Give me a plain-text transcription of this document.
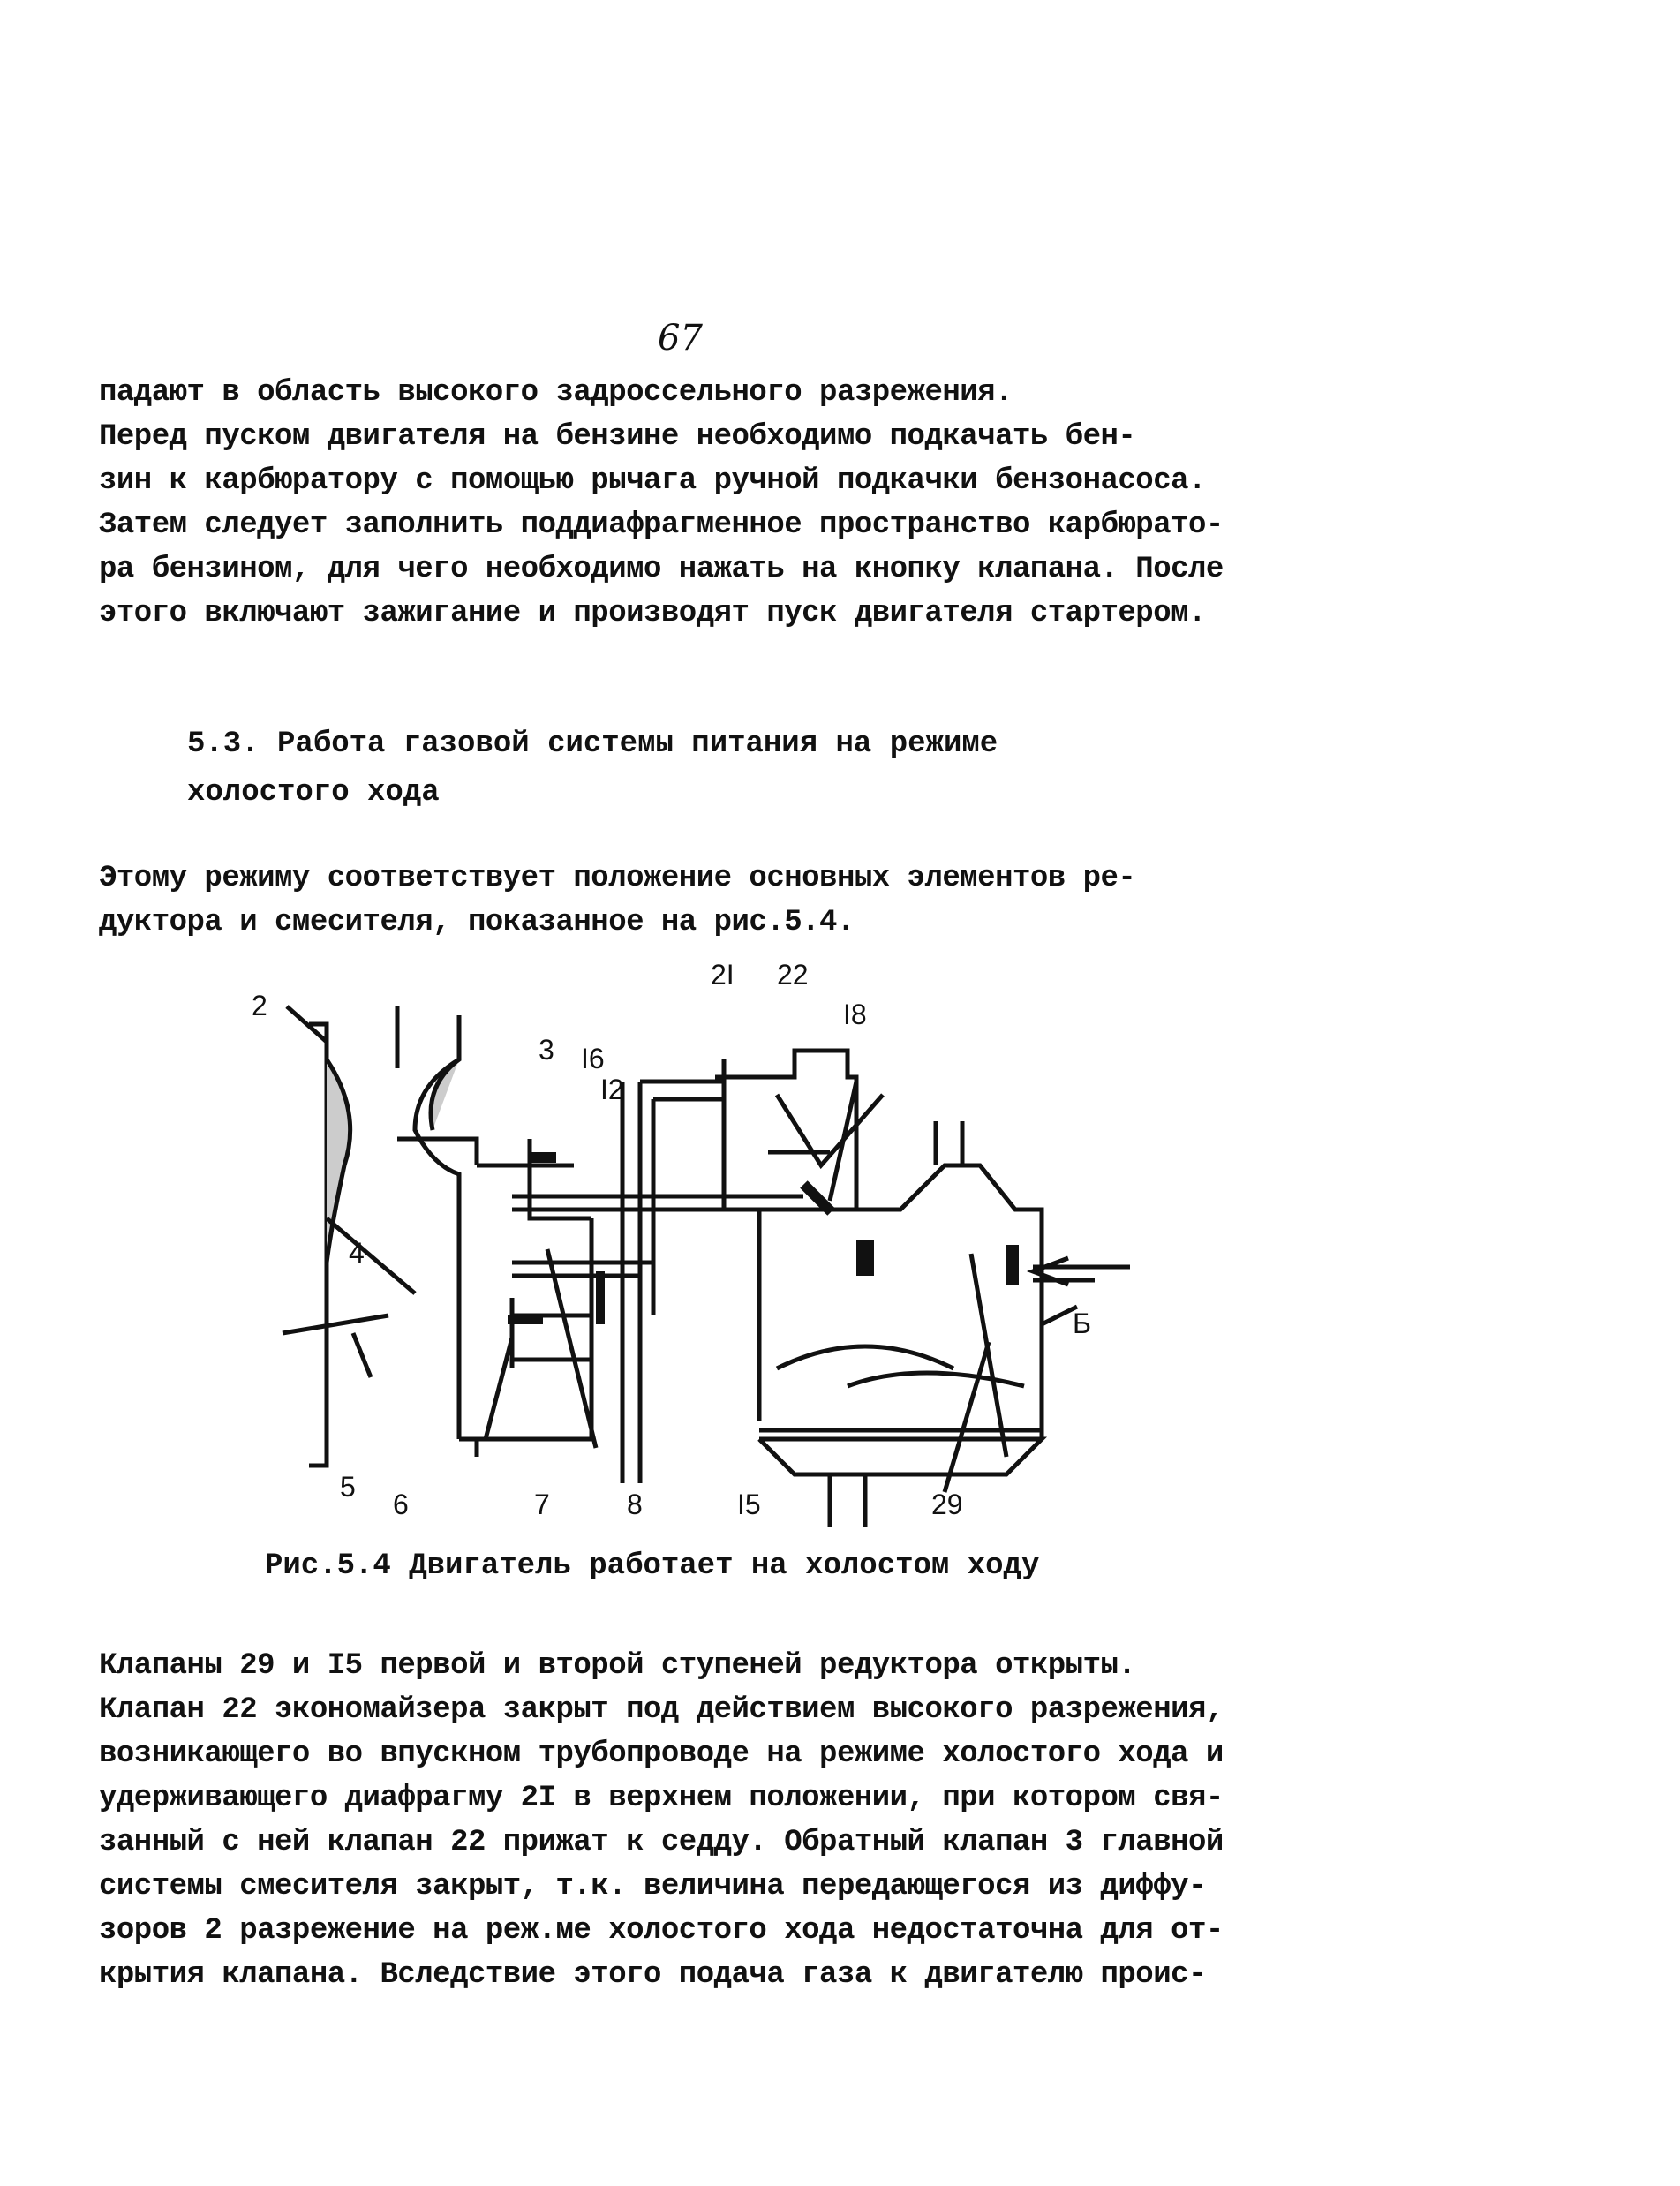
67
падают в область высокого задроссельного разрежения.
Перед пуском двигателя на бензине необходимо подкачать бен-
зин к карбюратору с помощью рычага ручной подкачки бензонасоса.
Затем следует заполнить поддиафрагменное пространство карбюрато-
ра бензином, для чего необходимо нажать на кнопку клапана. После
этого включают зажигание и производят пуск двигателя стартером.
5.3. Работа газовой системы питания на режиме
холостого хода
Этому режиму соответствует положение основных элементов ре-
дуктора и смесителя, показанное на рис.5.4.
2I 22
I8
3 I6
I2
2
4
Б
5
6	7	8	I5	29
Рис.5.4 Двигатель работает на холостом ходу
Клапаны 29 и I5 первой и второй ступеней редуктора открыты.
Клапан 22 экономайзера закрыт под действием высокого разрежения,
возникающего во впускном трубопроводе на режиме холостого хода и
удерживающего диафрагму 2I в верхнем положении, при котором свя-
занный с ней клапан 22 прижат к седду. Обратный клапан 3 главной
системы смесителя закрыт, т.к. величина передающегося из диффу-
зоров 2 разрежение на реж.ме холостого хода недостаточна для от-
крытия клапана. Вследствие этого подача газа к двигателю проис-
